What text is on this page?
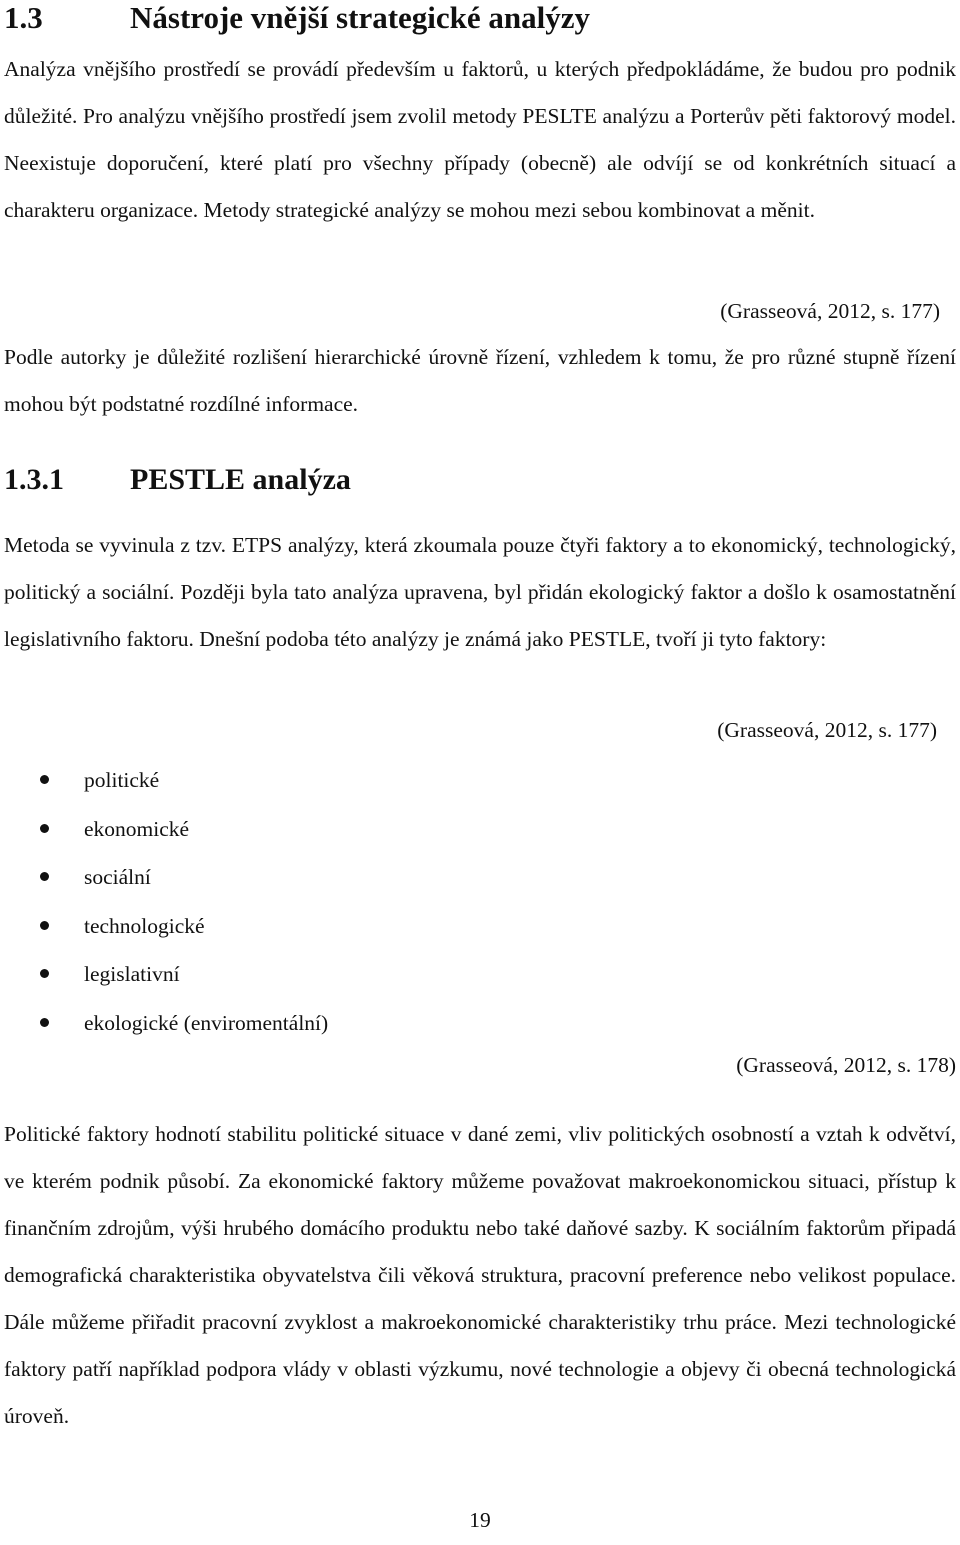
1.3	Nástroje vnější strategické analýzy
Analýza vnějšího prostředí se provádí především u faktorů, u kterých předpokládáme, že budou pro podnik důležité. Pro analýzu vnějšího prostředí jsem zvolil metody PESLTE analýzu a Porterův pěti faktorový model. Neexistuje doporučení, které platí pro všechny případy (obecně) ale odvíjí se od konkrétních situací a charakteru organizace. Metody strategické analýzy se mohou mezi sebou kombinovat a měnit.
(Grasseová, 2012, s. 177)
Podle autorky je důležité rozlišení hierarchické úrovně řízení, vzhledem k tomu, že pro různé stupně řízení mohou být podstatné rozdílné informace.
1.3.1 PESTLE analýza
Metoda se vyvinula z tzv. ETPS analýzy, která zkoumala pouze čtyři faktory a to ekonomický, technologický, politický a sociální. Později byla tato analýza upravena, byl přidán ekologický faktor a došlo k osamostatnění legislativního faktoru. Dnešní podoba této analýzy je známá jako PESTLE, tvoří ji tyto faktory:
(Grasseová, 2012, s. 177)
politické
ekonomické
sociální
technologické
legislativní
ekologické (enviromentální)
(Grasseová, 2012, s. 178)
Politické faktory hodnotí stabilitu politické situace v dané zemi, vliv politických osobností a vztah k odvětví, ve kterém podnik působí. Za ekonomické faktory můžeme považovat makroekonomickou situaci, přístup k finančním zdrojům, výši hrubého domácího produktu nebo také daňové sazby. K sociálním faktorům připadá demografická charakteristika obyvatelstva čili věková struktura, pracovní preference nebo velikost populace. Dále můžeme přiřadit pracovní zvyklost a makroekonomické charakteristiky trhu práce. Mezi technologické faktory patří například podpora vlády v oblasti výzkumu, nové technologie a objevy či obecná technologická úroveň.
19
